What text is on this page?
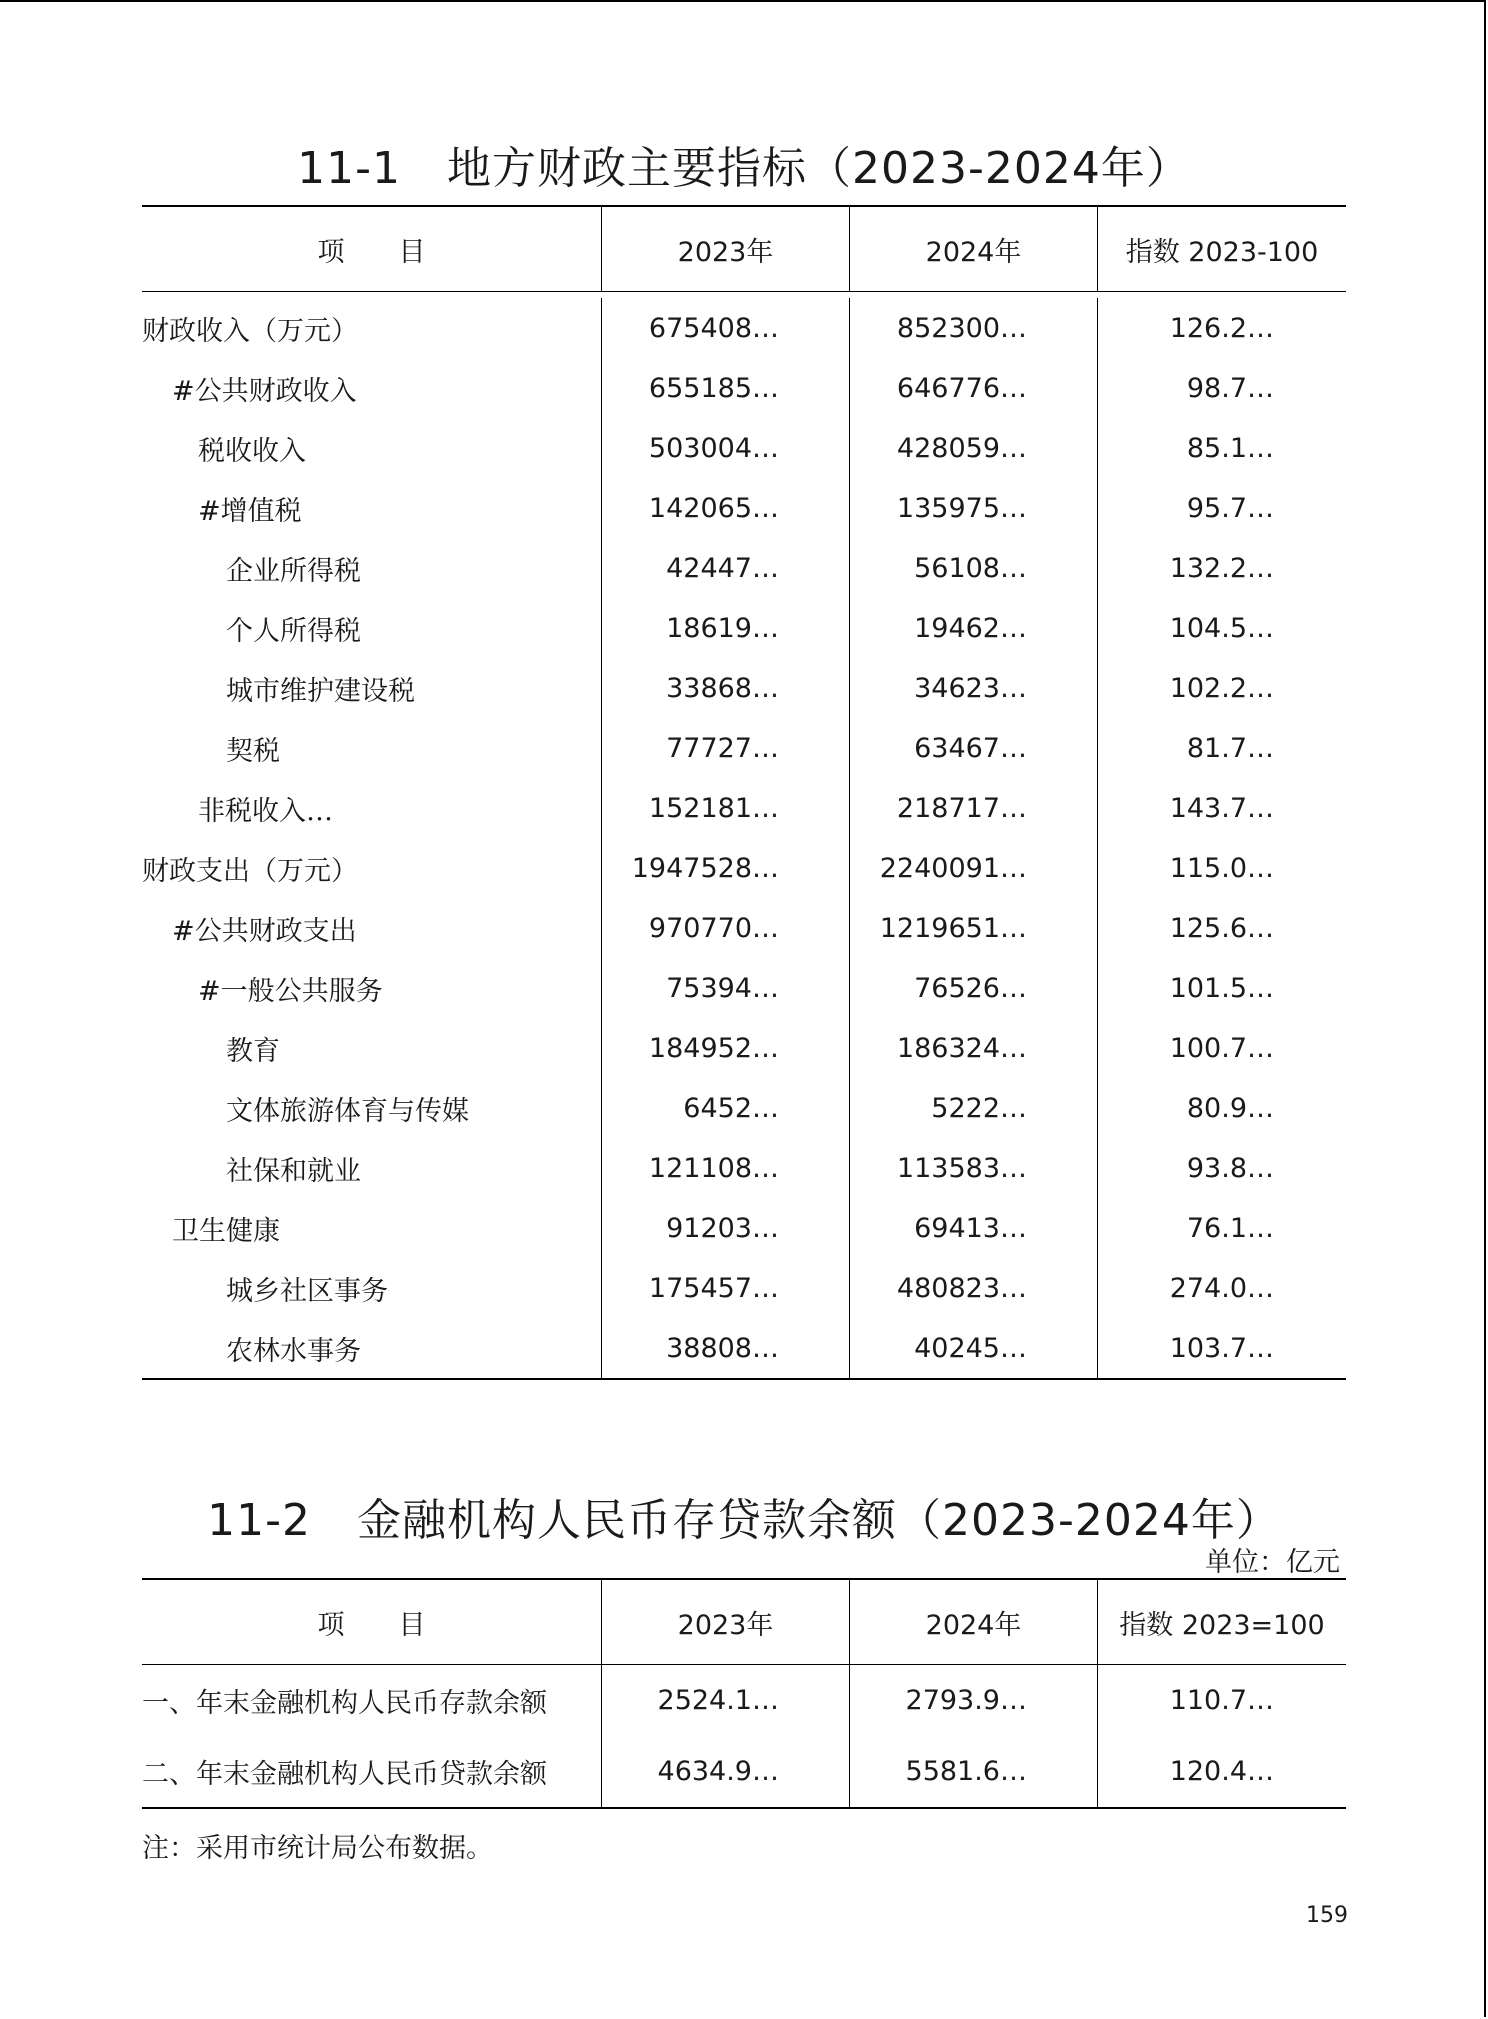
11-1 地方财政主要指标（2023-2024年）
项　　目	2023年	2024年	指数 2023-100
财政收入（万元）	675408…	852300…	126.2…
#公共财政收入	655185…	646776…	98.7…
税收收入	503004…	428059…	85.1…
#增值税	142065…	135975…	95.7…
企业所得税	42447…	56108…	132.2…
个人所得税	18619…	19462…	104.5…
城市维护建设税	33868…	34623…	102.2…
契税	77727…	63467…	81.7…
非税收入…	152181…	218717…	143.7…
财政支出（万元）	1947528…	2240091…	115.0…
#公共财政支出	970770…	1219651…	125.6…
#一般公共服务	75394…	76526…	101.5…
教育	184952…	186324…	100.7…
文体旅游体育与传媒	6452…	5222…	80.9…
社保和就业	121108…	113583…	93.8…
卫生健康	91203…	69413…	76.1…
城乡社区事务	175457…	480823…	274.0…
农林水事务	38808…	40245…	103.7…
11-2 金融机构人民币存贷款余额（2023-2024年）
单位：亿元
项　　目	2023年	2024年	指数 2023=100
一、年末金融机构人民币存款余额	2524.1…	2793.9…	110.7…
二、年末金融机构人民币贷款余额	4634.9…	5581.6…	120.4…
注：采用市统计局公布数据。
159
